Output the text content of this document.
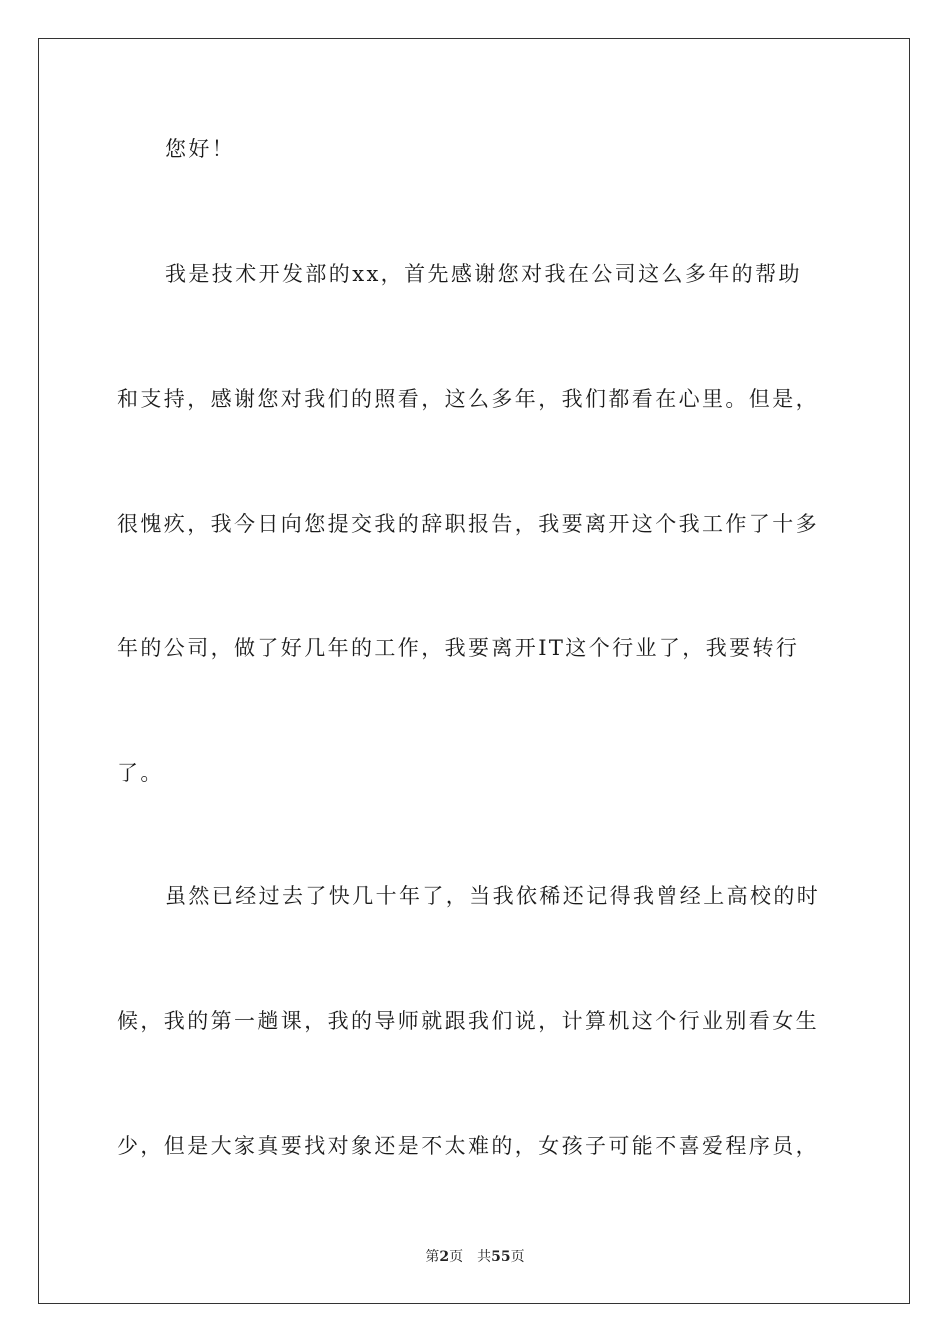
您好！
我是技术开发部的xx，首先感谢您对我在公司这么多年的帮助
和支持，感谢您对我们的照看，这么多年，我们都看在心里。但是，
很愧疚，我今日向您提交我的辞职报告，我要离开这个我工作了十多
年的公司，做了好几年的工作，我要离开IT这个行业了，我要转行
了。
虽然已经过去了快几十年了，当我依稀还记得我曾经上高校的时
候，我的第一趟课，我的导师就跟我们说，计算机这个行业别看女生
少，但是大家真要找对象还是不太难的，女孩子可能不喜爱程序员，
第2页 共55页
